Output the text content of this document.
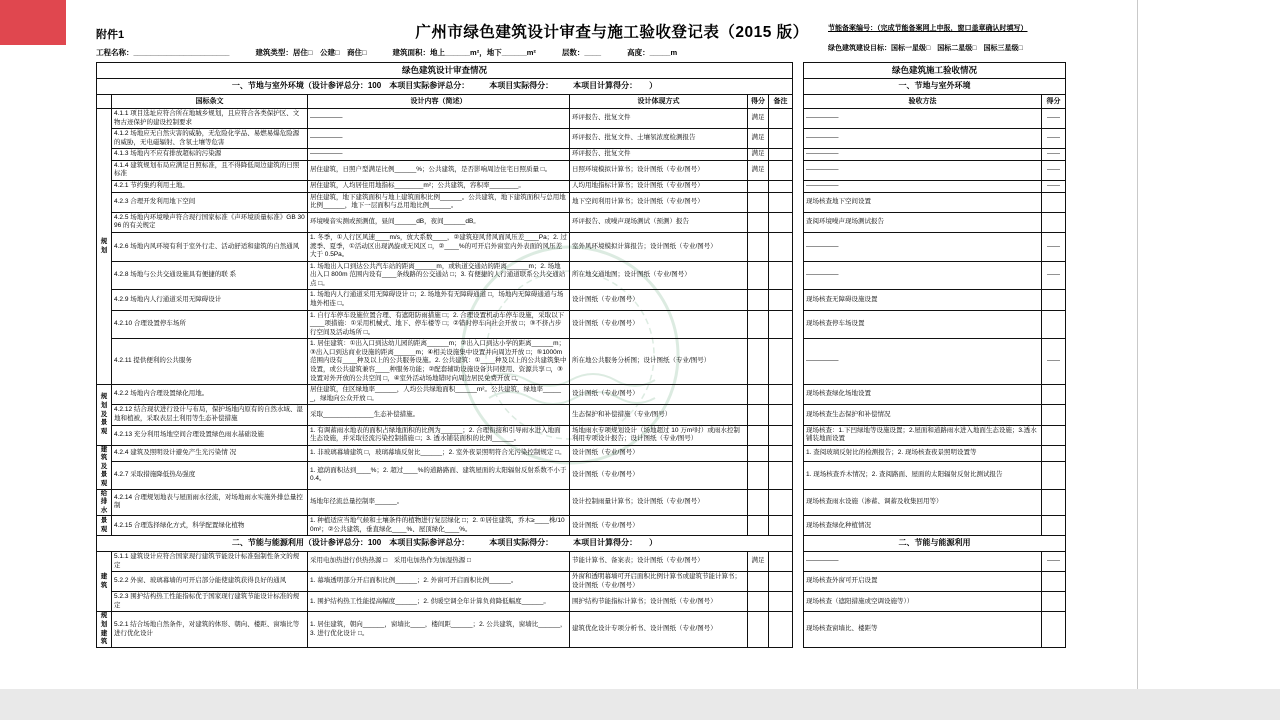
附件1	广州市绿色建筑设计审查与施工验收登记表（2015 版）	节能备案编号：（完成节能备案网上申报，窗口盖章确认时填写）
绿色建筑建设目标：国标一星级□　国标二星级□　国标三星级□
工程名称：_______________________	建筑类型：居住□　公建□　商住□	建筑面积：地上______m²，地下______m²	层数：____	高度：_____m
绿色建筑设计审查情况							绿色建筑施工验收情况	
一、节地与室外环境（设计参评总分：100　本项目实际参评总分：　　　本项目实际得分：　　　本项目计算得分：　　）							一、节地与室外环境	
	国标条文	设计内容（简述）	设计体现方式	得分	备注		验收方法	得分
规划	4.1.1 项目选址应符合所在地城乡规划，且应符合各类保护区、文物古迹保护的建设控制要求	—————	环评报告、批复文件	满足			—————	——
	4.1.2 场地应无自然灾害的威胁，无危险化学品、易燃易爆危险源的威胁，无电磁辐射、含氡土壤等危害	—————	环评报告、批复文件、土壤氡浓度检测报告	满足			—————	——
	4.1.3 场地内不应有排放超标的污染源	—————	环评报告、批复文件	满足			—————	——
	4.1.4 建筑规划布局应满足日照标准，且不得降低周边建筑的日照标准	居住建筑，日照户型满足比例______%；公共建筑，是否影响周边住宅日照质量 □。	日照环境模拟计算书；设计图纸（专业/图号）	满足			—————	——
	4.2.1 节约集约利用土地。	居住建筑，人均居住用地指标________m²；公共建筑，容积率________。	人均用地指标计算书；设计图纸（专业/图号）				—————	——
	4.2.3 合理开发利用地下空间	居住建筑，地下建筑面积与地上建筑面积比例______。公共建筑，地下建筑面积与总用地比例______，地下一层面积与总用地比例______。	地下空间利用计算书；设计图纸（专业/图号）				现场核查地下空间设置	
	4.2.5 场地内环境噪声符合现行国家标准《声环境质量标准》GB 3096 的有关规定	环境噪音实测或预测值，昼间______dB，夜间______dB。	环评报告、或噪声现场测试（预测）报告				查阅环境噪声现场测试报告	
	4.2.6 场地内风环境有利于室外行走、活动舒适和建筑的自然通风	1. 冬季，①人行区风速____m/s，放大系数____，②建筑迎风背风面风压差____Pa；2. 过渡季、夏季，①活动区出现涡旋或无风区 □，②____%的可开启外窗室内外表面的风压差大于 0.5Pa。	室外风环境模拟计算报告；设计图纸（专业/图号）				—————	——
	4.2.8 场地与公共交通设施具有便捷的联 系	1. 场地出入口到达公共汽车站的距离______m，或轨道交通站的距离______m；2. 场地出入口 800m 范围内设有____条线路的公交通站 □；3. 有便捷的人行通道联系公共交通站点 □。	所在地交通地图；设计图纸（专业/图号）				—————	——
	4.2.9 场地内人行通道采用无障碍设计	1. 场地内人行通道采用无障碍设计 □；2. 场地外有无障碍通道 □，场地内无障碍通道与场地外相连 □。	设计图纸（专业/图号）				现场核查无障碍设施设置	
	4.2.10 合理设置停车场所	1. 自行车停车设施位置合理、有遮阳防雨措施 □；2. 合理设置机动车停车设施，采取以下____项措施：①采用机械式、地下、停车楼等 □；②错时停车向社会开放 □；③不挤占步行空间及活动场所 □。	设计图纸（专业/图号）				现场核查停车场设置	
	4.2.11 提供便利的公共服务	1. 居住建筑：①出入口到达幼儿园的距离______m；②出入口到达小学的距离______m；③出入口到达商业设施的距离______m；④相关设施集中设置并向周边开放 □；⑤1000m 范围内设有____种及以上的公共服务设施。2. 公共建筑：①____种及以上的公共建筑集中设置，或公共建筑兼容____种服务功能；②配套辅助设施设备共同使用、资源共享 □，③设置对外开放的公共空间 □，④室外活动场地错时向周边居民免费开放 □。	所在地公共服务分析图；设计图纸（专业/图号）				—————	——
规划及景观	4.2.2 场地内合理设置绿化用地。	居住建筑，住区绿地率______，人均公共绿地面积______m²。公共建筑，绿地率______，绿地向公众开放 □。	设计图纸（专业/图号）				现场核查绿化场地设置	
	4.2.12 结合现状进行设计与布局，保护场地内原有的自然水域、湿地和植被，采取表层土利用等生态补偿措施	采取______________生态补偿措施。	生态保护和补偿措施（专业/图号）				现场核查生态保护和补偿情况	
	4.2.13 充分利用场地空间合理设置绿色雨水基础设施	1. 有调蓄雨水地表的面积占绿地面积的比例为______；2. 合理衔接和引导雨水进入地面生态设施，并采取径流污染控制措施 □；3. 透水铺装面积的比例______。	场地雨水专项规划设计（场地超过 10 万m²时）或雨水控制利用专项设计报告；设计图纸（专业/图号）				现场核查：1.下凹绿地等设施设置；2.屋面和道路雨水进入地面生态设施；3.透水铺装地面设置	
建筑及景观	4.2.4 建筑及照明设计避免产生光污染情 况	1. 非玻璃幕墙建筑 □，玻璃幕墙反射比______；2. 室外夜景照明符合光污染控制规定 □。	设计图纸（专业/图号）				1. 查阅玻璃反射比的检测报告；2. 现场核查夜景照明设置等	
	4.2.7 采取措施降低热岛强度	1. 遮荫面积达到____%；2. 超过____%的道路路面、建筑屋面的太阳辐射反射系数不小于 0.4。	设计图纸（专业/图号）				1. 现场核查乔木情况；2. 查阅路面、屋面的太阳辐射反射比测试报告	
给排水	4.2.14 合理规划地表与屋面雨水径流，对场地雨水实施外排总量控制	场地年径流总量控制率______。	设计控制雨量计算书；设计图纸（专业/图号）				现场核查雨水设施（渗蓄、调蓄及收集回用等）	
景观	4.2.15 合理选择绿化方式，科学配置绿化植物	1. 种植适应当地气候和土壤条件的植物进行复层绿化 □；2. ①居住建筑，乔木≥____株/100m²；②公共建筑，垂直绿化____%、屋顶绿化____%。	设计图纸（专业/图号）				现场核查绿化种植情况	
二、节能与能源利用（设计参评总分：100　本项目实际参评总分：　　　本项目实际得分：　　　本项目计算得分：　　）							二、节能与能源利用	
建筑	5.1.1 建筑设计应符合国家现行建筑节能设计标准强制性条文的规定	采用电加热进行供热热源 □　采用电加热作为加湿热源 □	节能计算书、备案表；设计图纸（专业/图号）	满足			—————	——
	5.2.2 外窗、玻璃幕墙的可开启部分能使建筑获得良好的通风	1. 幕墙透明部分开启面积比例______；2. 外窗可开启面积比例______。	外窗和透明幕墙可开启面积比例计算书或建筑节能计算书；设计图纸（专业/图号）				现场核查外窗可开启设置	
	5.2.3 围护结构热工性能指标优于国家现行建筑节能设计标准的规定	1. 围护结构热工性能提高幅度______；2. 供暖空调全年计算负荷降低幅度______。	围护结构节能指标计算书；设计图纸（专业/图号）				现场核查（遮阳措施或空调设施等））	
规划建筑	5.2.1 结合场地自然条件，对建筑的体形、朝向、楼距、窗墙比等进行优化设计	1. 居住建筑，朝向______，窗墙比____，楼间距______；2. 公共建筑，窗墙比______，3. 进行优化设计 □。	建筑优化设计专项分析书、设计图纸（专业/图号）				现场核查窗墙比、楼距等	
